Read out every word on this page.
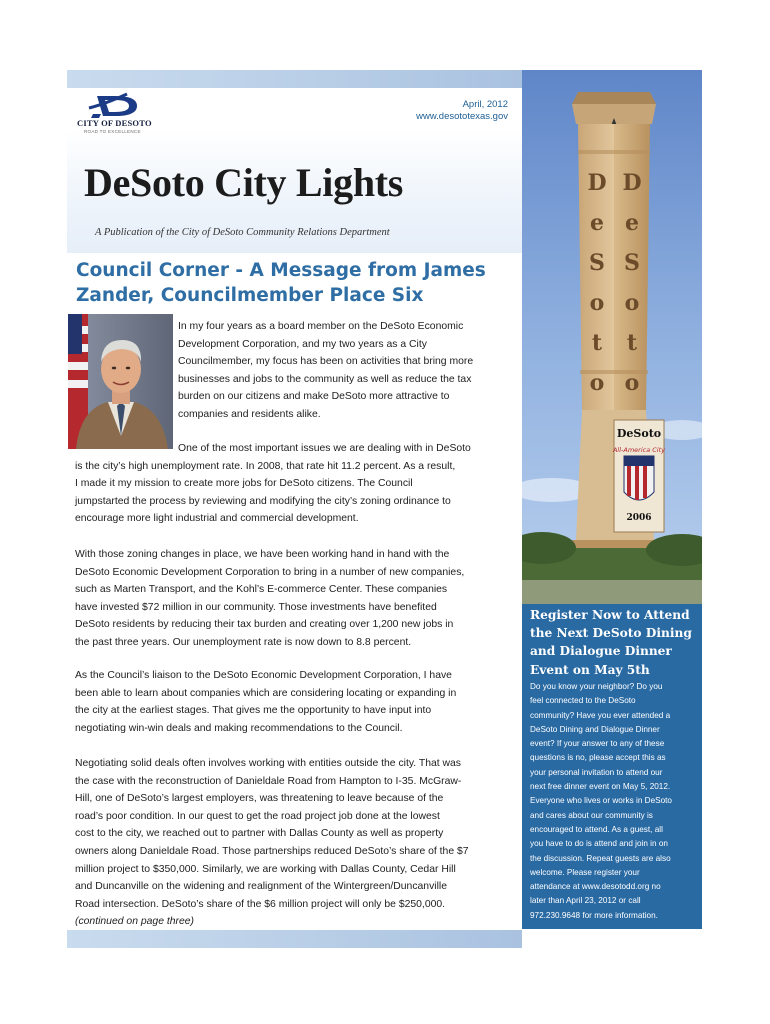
CITY OF DESOTO
ROAD TO EXCELLENCE
April, 2012
www.desototexas.gov
DeSoto City Lights
A Publication of the City of DeSoto Community Relations Department
Council Corner - A Message from James
Zander, Councilmember Place Six
In my four years as a board member on the DeSoto Economic
Development Corporation, and my two years as a City
Councilmember, my focus has been on activities that bring more
businesses and jobs to the community as well as reduce the tax
burden on our citizens and make DeSoto more attractive to
companies and residents alike.
One of the most important issues we are dealing with in DeSoto
is the city’s high unemployment rate. In 2008, that rate hit 11.2 percent. As a result,
I made it my mission to create more jobs for DeSoto citizens. The Council
jumpstarted the process by reviewing and modifying the city’s zoning ordinance to
encourage more light industrial and commercial development.
With those zoning changes in place, we have been working hand in hand with the
DeSoto Economic Development Corporation to bring in a number of new companies,
such as Marten Transport, and the Kohl’s E-commerce Center. These companies
have invested $72 million in our community. Those investments have benefited
DeSoto residents by reducing their tax burden and creating over 1,200 new jobs in
the past three years. Our unemployment rate is now down to 8.8 percent.
As the Council’s liaison to the DeSoto Economic Development Corporation, I have
been able to learn about companies which are considering locating or expanding in
the city at the earliest stages. That gives me the opportunity to have input into
negotiating win-win deals and making recommendations to the Council.
Negotiating solid deals often involves working with entities outside the city. That was
the case with the reconstruction of Danieldale Road from Hampton to I-35. McGraw-
Hill, one of DeSoto’s largest employers, was threatening to leave because of the
road’s poor condition. In our quest to get the road project job done at the lowest
cost to the city, we reached out to partner with Dallas County as well as property
owners along Danieldale Road. Those partnerships reduced DeSoto’s share of the $7
million project to $350,000. Similarly, we are working with Dallas County, Cedar Hill
and Duncanville on the widening and realignment of the Wintergreen/Duncanville
Road intersection. DeSoto’s share of the $6 million project will only be $250,000.
(continued on page three)
DeSoto
All-America City
2006
D
e
S
o
t
o
D
e
S
o
t
o
Register Now to Attend
the Next DeSoto Dining
and Dialogue Dinner
Event on May 5th
Do you know your neighbor? Do you
feel connected to the DeSoto
community? Have you ever attended a
DeSoto Dining and Dialogue Dinner
event? If your answer to any of these
questions is no, please accept this as
your personal invitation to attend our
next free dinner event on May 5, 2012.
Everyone who lives or works in DeSoto
and cares about our community is
encouraged to attend. As a guest, all
you have to do is attend and join in on
the discussion. Repeat guests are also
welcome. Please register your
attendance at www.desotodd.org no
later than April 23, 2012 or call
972.230.9648 for more information.
